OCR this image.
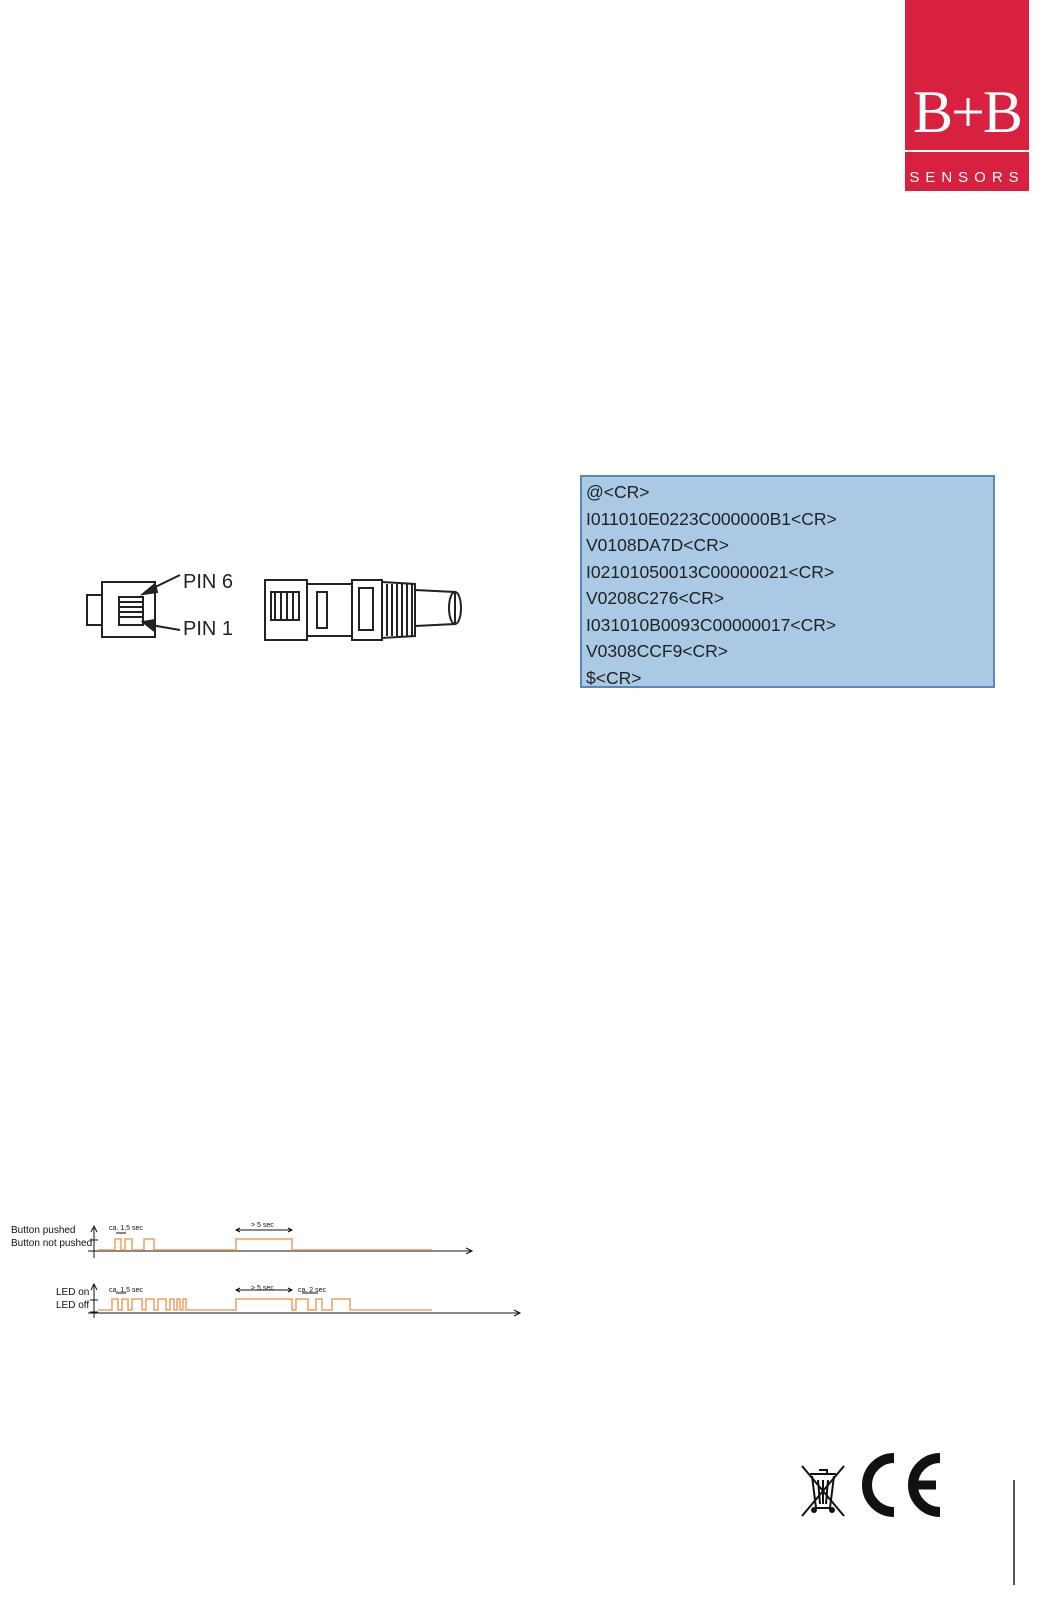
B+B
SENSORS
PIN 6
PIN 1
@<CR>
I011010E0223C000000B1<CR>
V0108DA7D<CR>
I02101050013C00000021<CR>
V0208C276<CR>
I031010B0093C00000017<CR>
V0308CCF9<CR>
$<CR>
Button pushed
Button not pushed
ca. 1,5 sec	> 5 sec
LED on
LED off
ca. 1,5 sec	> 5 sec	ca. 2 sec
